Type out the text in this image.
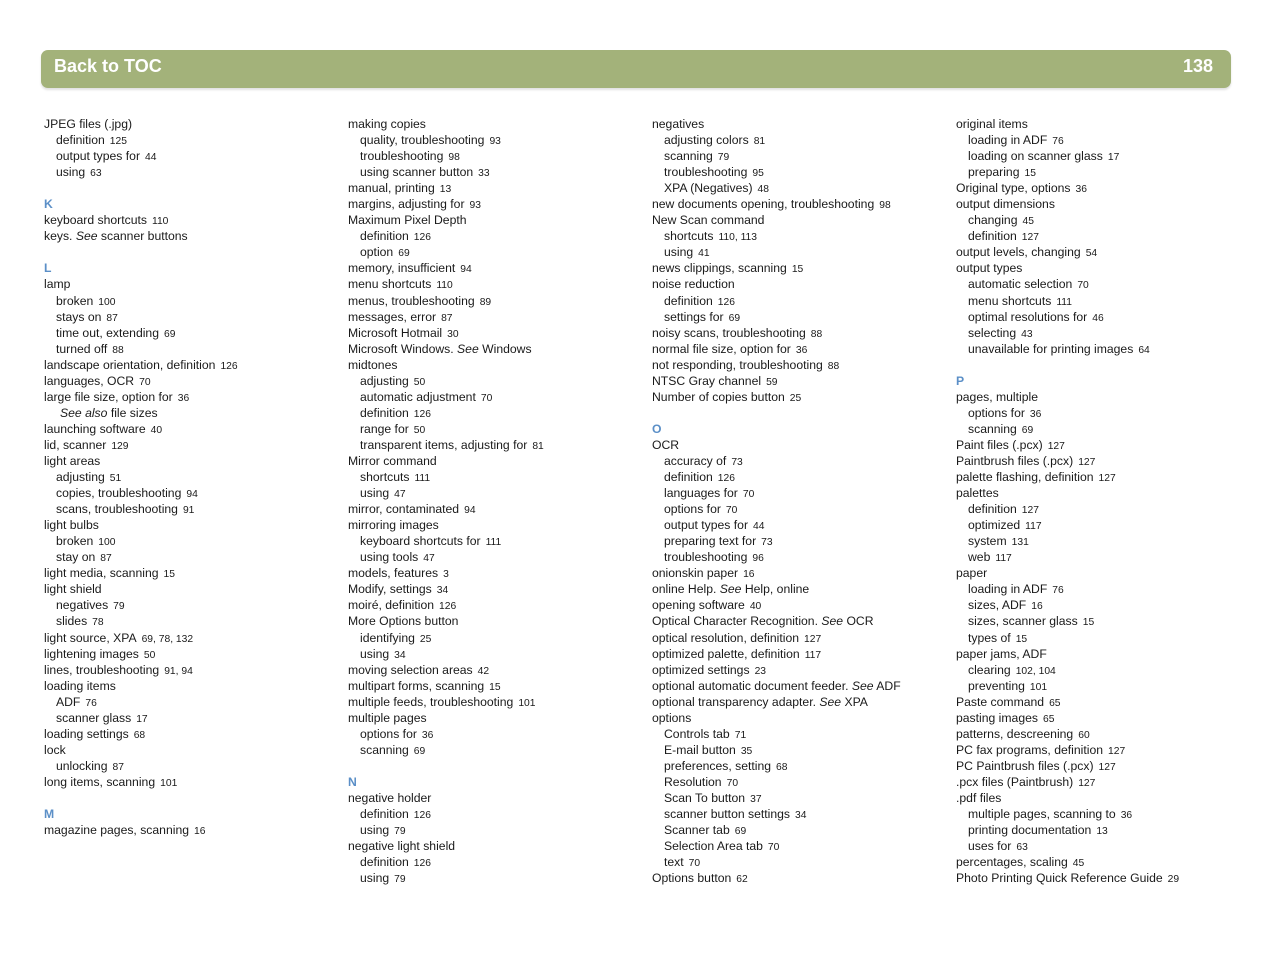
Back to TOC	138
JPEG files (.jpg)
definition 125
output types for 44
using 63
K
keyboard shortcuts 110
keys. See scanner buttons
L
lamp
broken 100
stays on 87
time out, extending 69
turned off 88
landscape orientation, definition 126
languages, OCR 70
large file size, option for 36
See also file sizes
launching software 40
lid, scanner 129
light areas
adjusting 51
copies, troubleshooting 94
scans, troubleshooting 91
light bulbs
broken 100
stay on 87
light media, scanning 15
light shield
negatives 79
slides 78
light source, XPA 69, 78, 132
lightening images 50
lines, troubleshooting 91, 94
loading items
ADF 76
scanner glass 17
loading settings 68
lock
unlocking 87
long items, scanning 101
M
magazine pages, scanning 16
making copies
quality, troubleshooting 93
troubleshooting 98
using scanner button 33
manual, printing 13
margins, adjusting for 93
Maximum Pixel Depth
definition 126
option 69
memory, insufficient 94
menu shortcuts 110
menus, troubleshooting 89
messages, error 87
Microsoft Hotmail 30
Microsoft Windows. See Windows
midtones
adjusting 50
automatic adjustment 70
definition 126
range for 50
transparent items, adjusting for 81
Mirror command
shortcuts 111
using 47
mirror, contaminated 94
mirroring images
keyboard shortcuts for 111
using tools 47
models, features 3
Modify, settings 34
moiré, definition 126
More Options button
identifying 25
using 34
moving selection areas 42
multipart forms, scanning 15
multiple feeds, troubleshooting 101
multiple pages
options for 36
scanning 69
N
negative holder
definition 126
using 79
negative light shield
definition 126
using 79
negatives
adjusting colors 81
scanning 79
troubleshooting 95
XPA (Negatives) 48
new documents opening, troubleshooting 98
New Scan command
shortcuts 110, 113
using 41
news clippings, scanning 15
noise reduction
definition 126
settings for 69
noisy scans, troubleshooting 88
normal file size, option for 36
not responding, troubleshooting 88
NTSC Gray channel 59
Number of copies button 25
O
OCR
accuracy of 73
definition 126
languages for 70
options for 70
output types for 44
preparing text for 73
troubleshooting 96
onionskin paper 16
online Help. See Help, online
opening software 40
Optical Character Recognition. See OCR
optical resolution, definition 127
optimized palette, definition 117
optimized settings 23
optional automatic document feeder. See ADF
optional transparency adapter. See XPA
options
Controls tab 71
E-mail button 35
preferences, setting 68
Resolution 70
Scan To button 37
scanner button settings 34
Scanner tab 69
Selection Area tab 70
text 70
Options button 62
original items
loading in ADF 76
loading on scanner glass 17
preparing 15
Original type, options 36
output dimensions
changing 45
definition 127
output levels, changing 54
output types
automatic selection 70
menu shortcuts 111
optimal resolutions for 46
selecting 43
unavailable for printing images 64
P
pages, multiple
options for 36
scanning 69
Paint files (.pcx) 127
Paintbrush files (.pcx) 127
palette flashing, definition 127
palettes
definition 127
optimized 117
system 131
web 117
paper
loading in ADF 76
sizes, ADF 16
sizes, scanner glass 15
types of 15
paper jams, ADF
clearing 102, 104
preventing 101
Paste command 65
pasting images 65
patterns, descreening 60
PC fax programs, definition 127
PC Paintbrush files (.pcx) 127
.pcx files (Paintbrush) 127
.pdf files
multiple pages, scanning to 36
printing documentation 13
uses for 63
percentages, scaling 45
Photo Printing Quick Reference Guide 29
